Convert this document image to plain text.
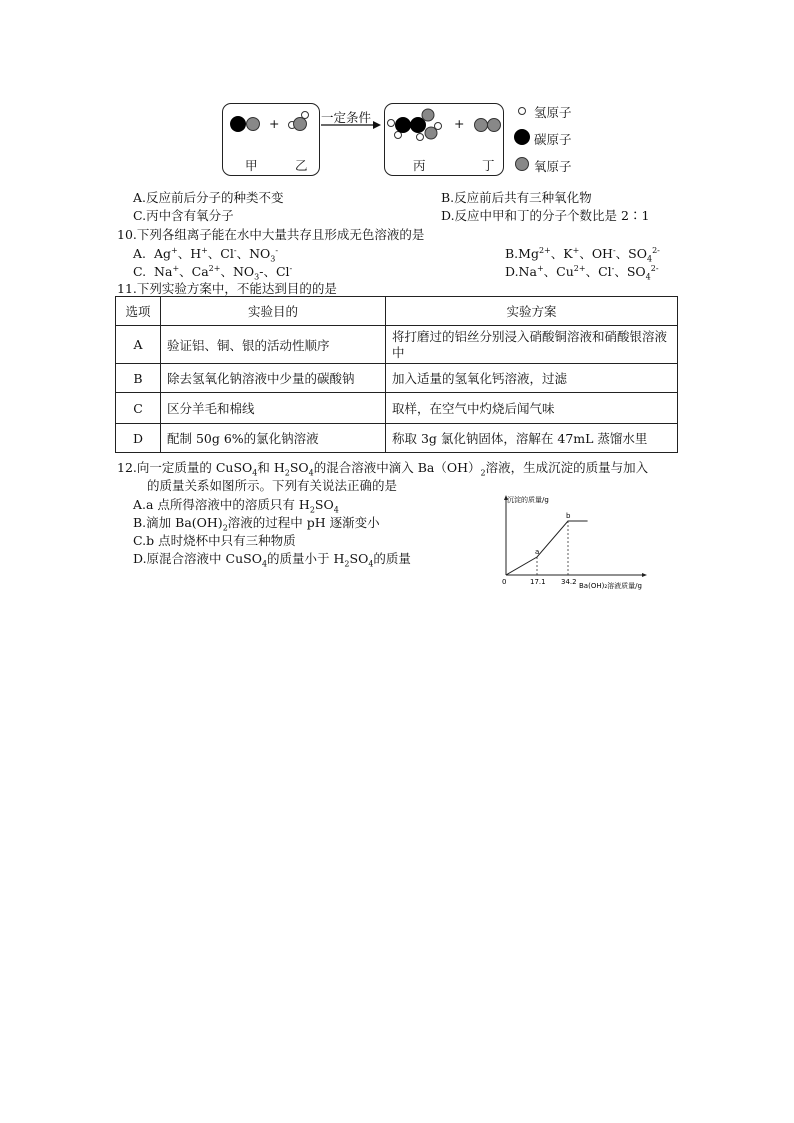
+
甲	乙
一定条件	+
丙	丁
氢原子
碳原子
氧原子
A.反应前后分子的种类不变	B.反应前后共有三种氧化物
C.丙中含有氧分子	D.反应中甲和丁的分子个数比是 2∶1
10.下列各组离子能在水中大量共存且形成无色溶液的是
A.  Ag+、H+、Cl-、$NO_3^-$	$B.Mg^{2+}$、K+、OH-、$SO_4^{2-}$
C.  Na+、$Ca^{2+}$、$NO_3-$、Cl-	D.Na+、$Cu^{2+}$、Cl-、$SO_4^{2-}$
11.下列实验方案中，不能达到目的的是
选项	实验目的	实验方案
A	验证铝、铜、银的活动性顺序	将打磨过的铝丝分别浸入硝酸铜溶液和硝酸银溶液中
B	除去氢氧化钠溶液中少量的碳酸钠	加入适量的氢氧化钙溶液，过滤
C	区分羊毛和棉线	取样，在空气中灼烧后闻气味
D	配制 50g 6%的氯化钠溶液	称取 3g 氯化钠固体，溶解在 47mL 蒸馏水里
12.向一定质量的 CuSO$_4$和 $H_2SO_4$的混合溶液中滴入 $Ba(OH)_2$溶液，生成沉淀的质量与加入
的质量关系如图所示。下列有关说法正确的是
A.a 点所得溶液中的溶质只有 $H_2SO_4$
B.滴加 $Ba(OH)_2$溶液的过程中 pH 逐渐变小
C.b 点时烧杯中只有三种物质
D.原混合溶液中 CuSO$_4$的质量小于 $H_2SO_4$的质量
沉淀的质量/g
Ba(OH)₂溶液质量/g
a
b
0	17.1 34.2
